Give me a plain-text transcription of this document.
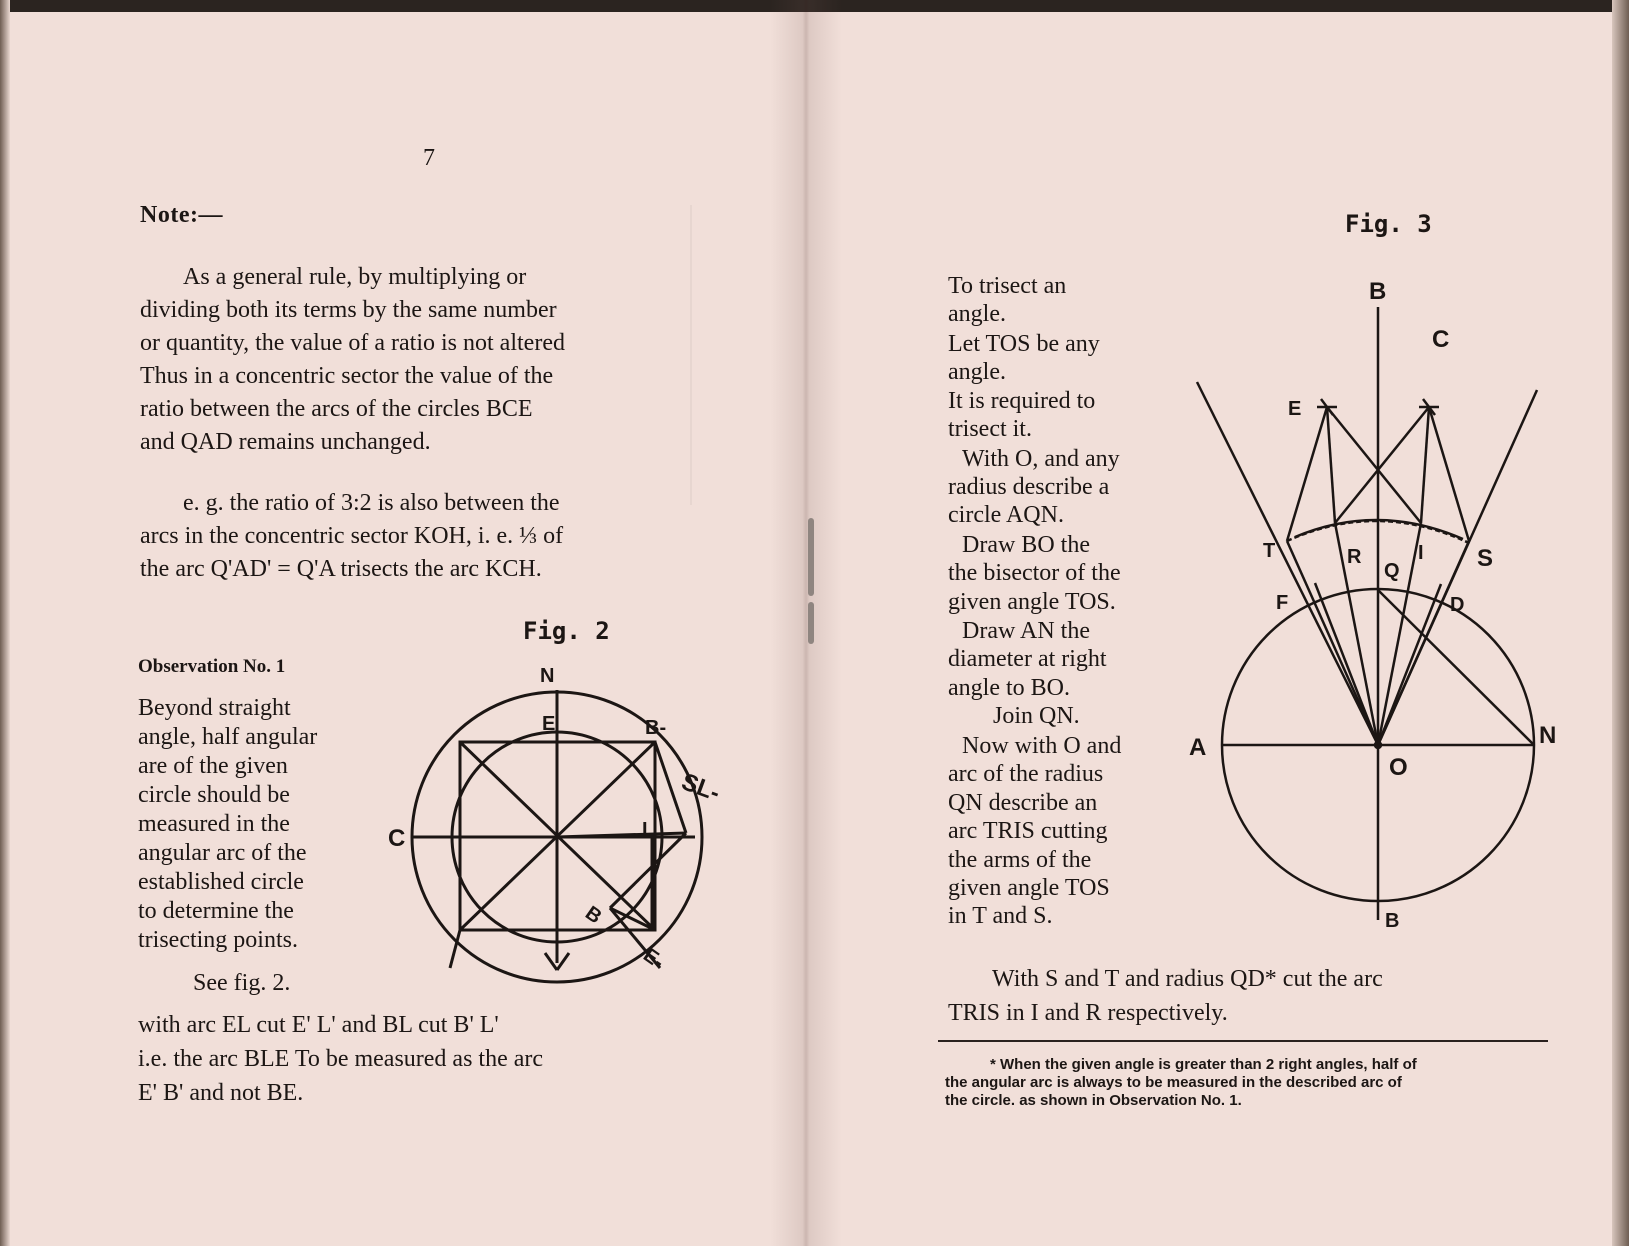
7
Note:—
As a general rule, by multiplying or
dividing both its terms by the same number
or quantity, the value of a ratio is not altered
Thus in a concentric sector the value of the
ratio between the arcs of the circles BCE
and QAD remains unchanged.
e. g. the ratio of 3:2 is also between the
arcs in the concentric sector KOH, i. e. ⅓ of
the arc Q'AD' = Q'A trisects the arc KCH.
Fig. 2
Observation No. 1
Beyond straight
angle, half angular
are of the given
circle should be
measured in the
angular arc of the
established circle
to determine the
trisecting points.
See fig. 2.
with arc EL cut E' L' and BL cut B' L'
i.e. the arc BLE To be measured as the arc
E' B' and not BE.
N
E	B-
C	L
SL-
B
E-
Fig. 3
To trisect an
angle.
Let TOS be any
angle.
It is required to
trisect it.
With O, and any
radius describe a
circle AQN.
Draw BO the
the bisector of the
given angle TOS.
Draw AN the
diameter at right
angle to BO.
Join QN.
Now with O and
arc of the radius
QN describe an
arc TRIS cutting
the arms of the
given angle TOS
in T and S.
With S and T and radius QD* cut the arc
TRIS in I and R respectively.
* When the given angle is greater than 2 right angles, half of
the angular arc is always to be measured in the described arc of
the circle. as shown in Observation No. 1.
B
C
E
T	R
Q
I S
F	D
A	N
O
B
